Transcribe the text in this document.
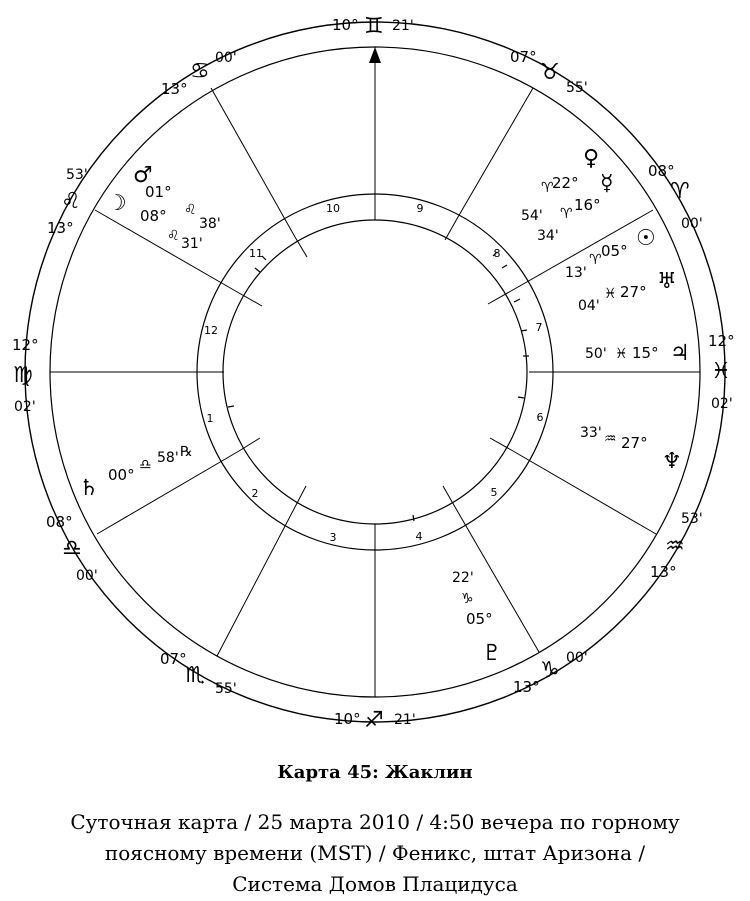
1
2
3	4
5
6
7
8
9
10
11
12
10° ♊ 21'
07°
♉
55'
08°
♈
00'
12°
♓
02'
53'
♒
13°
13°
♑ 00'
10° ♐ 21'
07°
♏
55'
08°
♎
00'
12°
♍
02'
53'
♌
13°
13°
♋
00'
♀
22°
♈
54'
☿
16°
♈
34'	☉
♈ 05°
13'	♅
♓ 27°
04'
♃
50' ♓ 15°
♆
33' ♒ 27°
♇
22'
♑
05°
♄
00°
♎ 58' ℞
♂
01°
♌
38'
☽ 08°
♌ 31'
Карта 45: Жаклин
Суточная карта / 25 марта 2010 / 4:50 вечера по горному
поясному времени (MST) / Феникс, штат Аризона /
Система Домов Плацидуса
